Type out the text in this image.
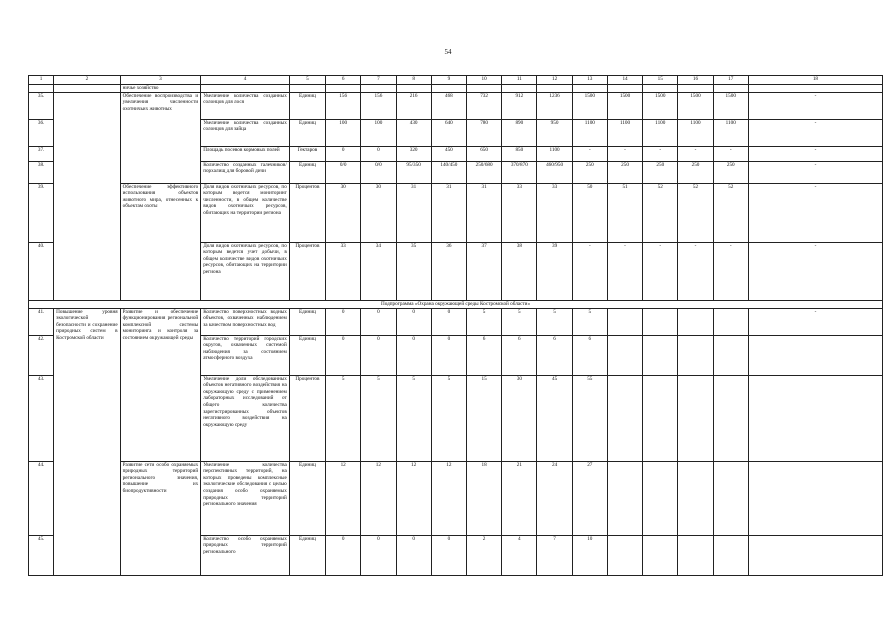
54
1	2	3	4	5	6	7	8	9	10	11	12	13	14	15	16	17	18
		ничье хозяйство															
35.		Обеспечение воспроизводства и увеличения численности охотничьих животных	Увеличение количества созданных солонцов для лося	Единиц	156	156	216	468	732	912	1236	1500	1500	1500	1500	1500	-
36.			Увеличение количества созданных солонцов для зайца	Единиц	100	100	430	640	780	890	950	1100	1100	1100	1100	1100	-
37.			Площадь посевов кормовых полей	Гектаров	0	0	320	450	650	850	1100	-	-	-	-	-	-
38.			Количество созданных галечников/порхалищ для боровой дичи	Единиц	0/0	0/0	95/350	140/450	250/680	370/870	460/950	250	250	250	250	250	-
39.		Обеспечение эффективного использования объектов животного мира, отнесенных к объектам охоты	Доля видов охотничьих ресурсов, по которым ведется мониторинг численности, в общем количестве видов охотничьих ресурсов, обитающих на территории региона	Процентов	30	30	31	31	31	33	33	50	51	52	52	52	-
40.			Доля видов охотничьих ресурсов, по которым ведется учет добычи, в общем количестве видов охотничьих ресурсов, обитающих на территории региона	Процентов	33	34	35	36	37	38	39	-	-	-	-	-	-
Подпрограмма «Охрана окружающей среды Костромской области»																	
41.	Повышение уровня экологической безопасности и сохранение природных систем в Костромской области	Развитие и обеспечение функционирования региональной комплексной системы мониторинга и контроля за состоянием окружающей среды	Количество поверхностных водных объектов, охваченных наблюдением за качеством поверхностных вод	Единиц	0	0	0	0	5	5	5	5					-
42.			Количество территорий городских округов, охваченных системой наблюдения за состоянием атмосферного воздуха	Единиц	0	0	0	0	6	6	6	6					
43.			Увеличение доли обследованных объектов негативного воздействия на окружающую среду с применением лабораторных исследований от общего количества зарегистрированных объектов негативного воздействия на окружающую среду	Процентов	5	5	5	5	15	30	45	55					
44.		Развитие сети особо охраняемых природных территорий регионального значения, повышение их биопродуктивности	Увеличение количества перспективных территорий, на которых проведены комплексные экологические обследования с целью создания особо охраняемых природных территорий регионального значения	Единиц	12	12	12	12	18	21	24	27					
45.			Количество особо охраняемых природных территорий регионального	Единиц	0	0	0	0	2	4	7	10					
